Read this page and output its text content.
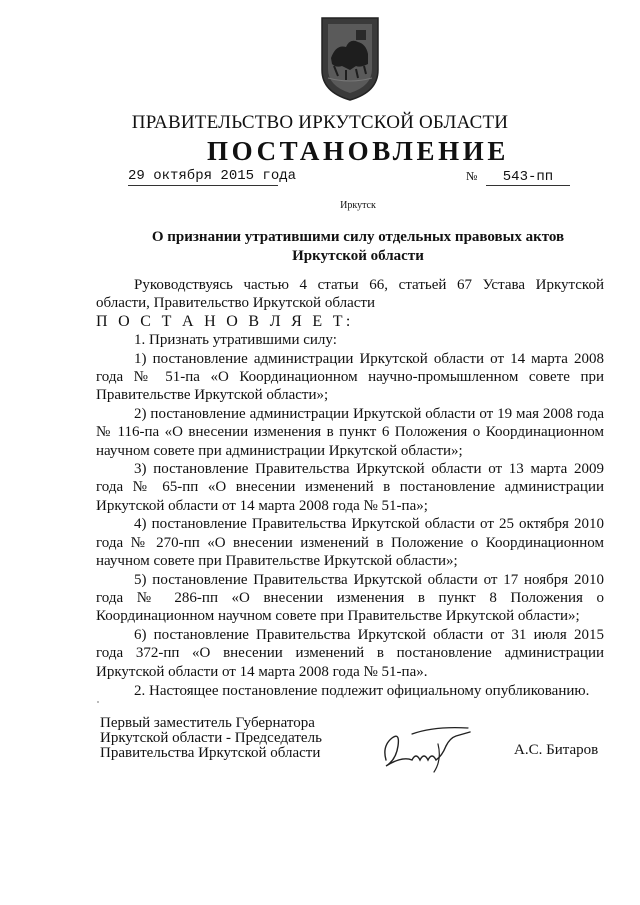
ПРАВИТЕЛЬСТВО ИРКУТСКОЙ ОБЛАСТИ
ПОСТАНОВЛЕНИЕ
29 октября 2015 года	№ 543-пп
Иркутск
О признании утратившими силу отдельных правовых актов
Иркутской области

Руководствуясь частью 4 статьи 66, статьей 67 Устава Иркутской области, Правительство Иркутской области

П О С Т А Н О В Л Я Е Т:

1. Признать утратившими силу:

1) постановление администрации Иркутской области от 14 марта 2008 года № 51-па «О Координационном научно-промышленном совете при Правительстве Иркутской области»;

2) постановление администрации Иркутской области от 19 мая 2008 года № 116-па «О внесении изменения в пункт 6 Положения о Координационном научном совете при администрации Иркутской области»;

3) постановление Правительства Иркутской области от 13 марта 2009 года № 65-пп «О внесении изменений в постановление администрации Иркутской области от 14 марта 2008 года № 51-па»;

4) постановление Правительства Иркутской области от 25 октября 2010 года № 270-пп «О внесении изменений в Положение о Координационном научном совете при Правительстве Иркутской области»;

5) постановление Правительства Иркутской области от 17 ноября 2010 года № 286-пп «О внесении изменения в пункт 8 Положения о Координационном научном совете при Правительстве Иркутской области»;

6) постановление Правительства Иркутской области от 31 июля 2015 года 372-пп «О внесении изменений в постановление администрации Иркутской области от 14 марта 2008 года № 51-па».

2. Настоящее постановление подлежит официальному опубликованию.

Первый заместитель Губернатора
Иркутской области - Председатель
Правительства Иркутской области	А.С. Битаров
